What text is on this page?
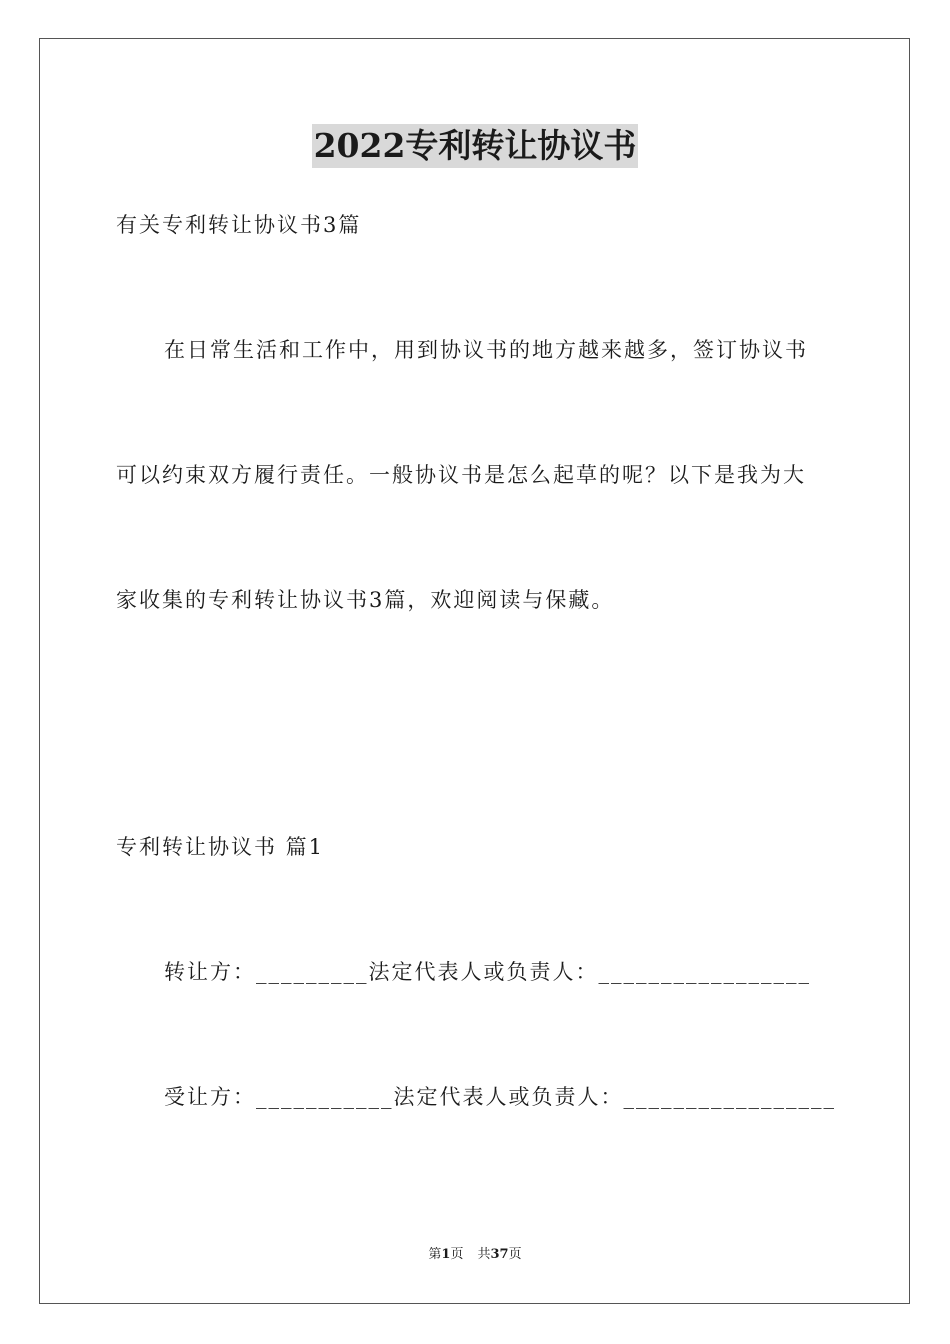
2022专利转让协议书
有关专利转让协议书3篇
在日常生活和工作中，用到协议书的地方越来越多，签订协议书
可以约束双方履行责任。一般协议书是怎么起草的呢？以下是我为大
家收集的专利转让协议书3篇，欢迎阅读与保藏。
专利转让协议书 篇1
转让方：_________法定代表人或负责人：_________________
受让方：___________法定代表人或负责人：_________________
第1页 共37页
